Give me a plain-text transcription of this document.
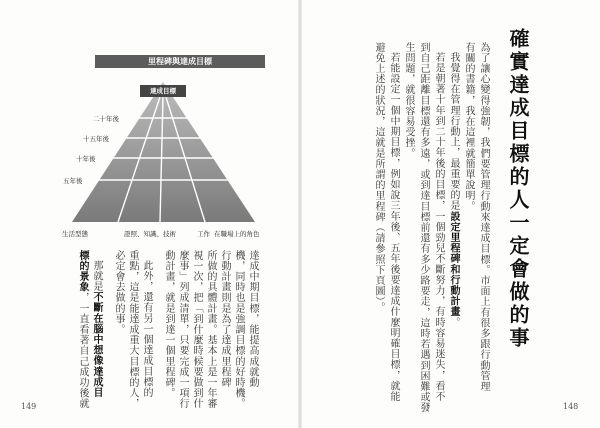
里程碑與達成目標
達成目標
二十年後
十五年後
十年後
五年後
生活型態	證照、知識、技術	工作 在職場上的角色
達成中期目標，能提高成就動
機，同時也是強調目標的好時機。
行動計畫則是為了達成里程碑
所做的具體計畫。基本上是一年審
視一次，把「到什麼時候要做到什
麼事」列成清單，只要完成一項行
動計畫，就是到達一個里程碑。
此外，還有另一個達成目標的
重點，這是能達成重大目標的人，
必定會去做的事。
那就是不斷在腦中想像達成目
標的景象，一直看著自己成功後就
149
確實達成目標的人一定會做的事
為了讓心變得強韌，我們要管理行動來達成目標。市面上有很多跟行動管理
有關的書籍，我在這裡就簡單說明。
我覺得在管理行動上，最重要的是設定里程碑和行動計畫。
若是朝著十年到二十年後的目標，一個勁兒不斷努力，有時容易迷失，看不
到自己距離目標還有多遠，或到達目標前還有多少路要走，這時若遇到困難或發
生問題，就很容易受挫。
若能設定一個中期目標，例如說三年後、五年後要達成什麼明確目標，就能
避免上述的狀況，這就是所謂的里程碑（請參照下頁圖）。
148
